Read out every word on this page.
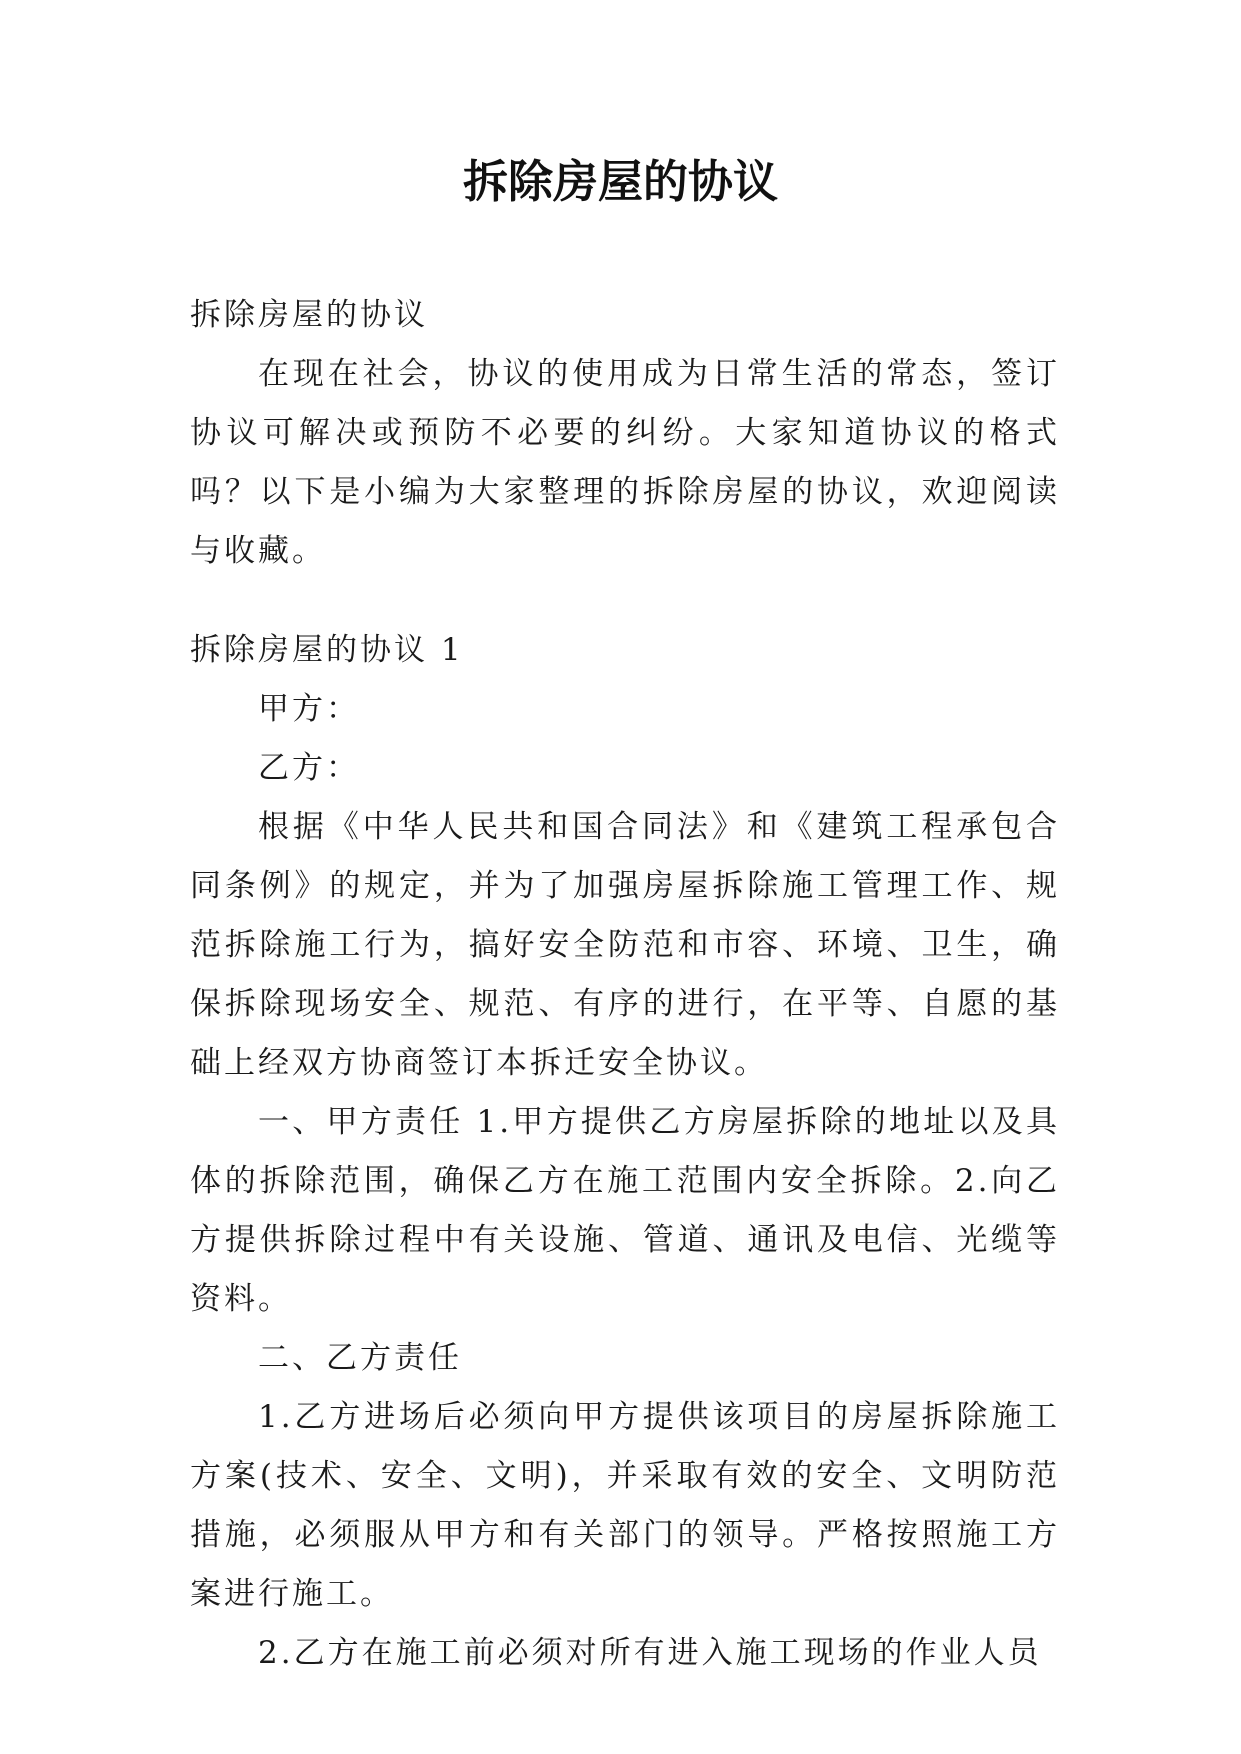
拆除房屋的协议

拆除房屋的协议

在现在社会，协议的使用成为日常生活的常态，签订协议可解决或预防不必要的纠纷。大家知道协议的格式吗？以下是小编为大家整理的拆除房屋的协议，欢迎阅读与收藏。

拆除房屋的协议 1

甲方：

乙方：

根据《中华人民共和国合同法》和《建筑工程承包合同条例》的规定，并为了加强房屋拆除施工管理工作、规范拆除施工行为，搞好安全防范和市容、环境、卫生，确保拆除现场安全、规范、有序的进行，在平等、自愿的基础上经双方协商签订本拆迁安全协议。

一、甲方责任 1.甲方提供乙方房屋拆除的地址以及具体的拆除范围，确保乙方在施工范围内安全拆除。2.向乙方提供拆除过程中有关设施、管道、通讯及电信、光缆等资料。

二、乙方责任

1.乙方进场后必须向甲方提供该项目的房屋拆除施工方案(技术、安全、文明)，并采取有效的安全、文明防范措施，必须服从甲方和有关部门的领导。严格按照施工方案进行施工。

2.乙方在施工前必须对所有进入施工现场的作业人员
